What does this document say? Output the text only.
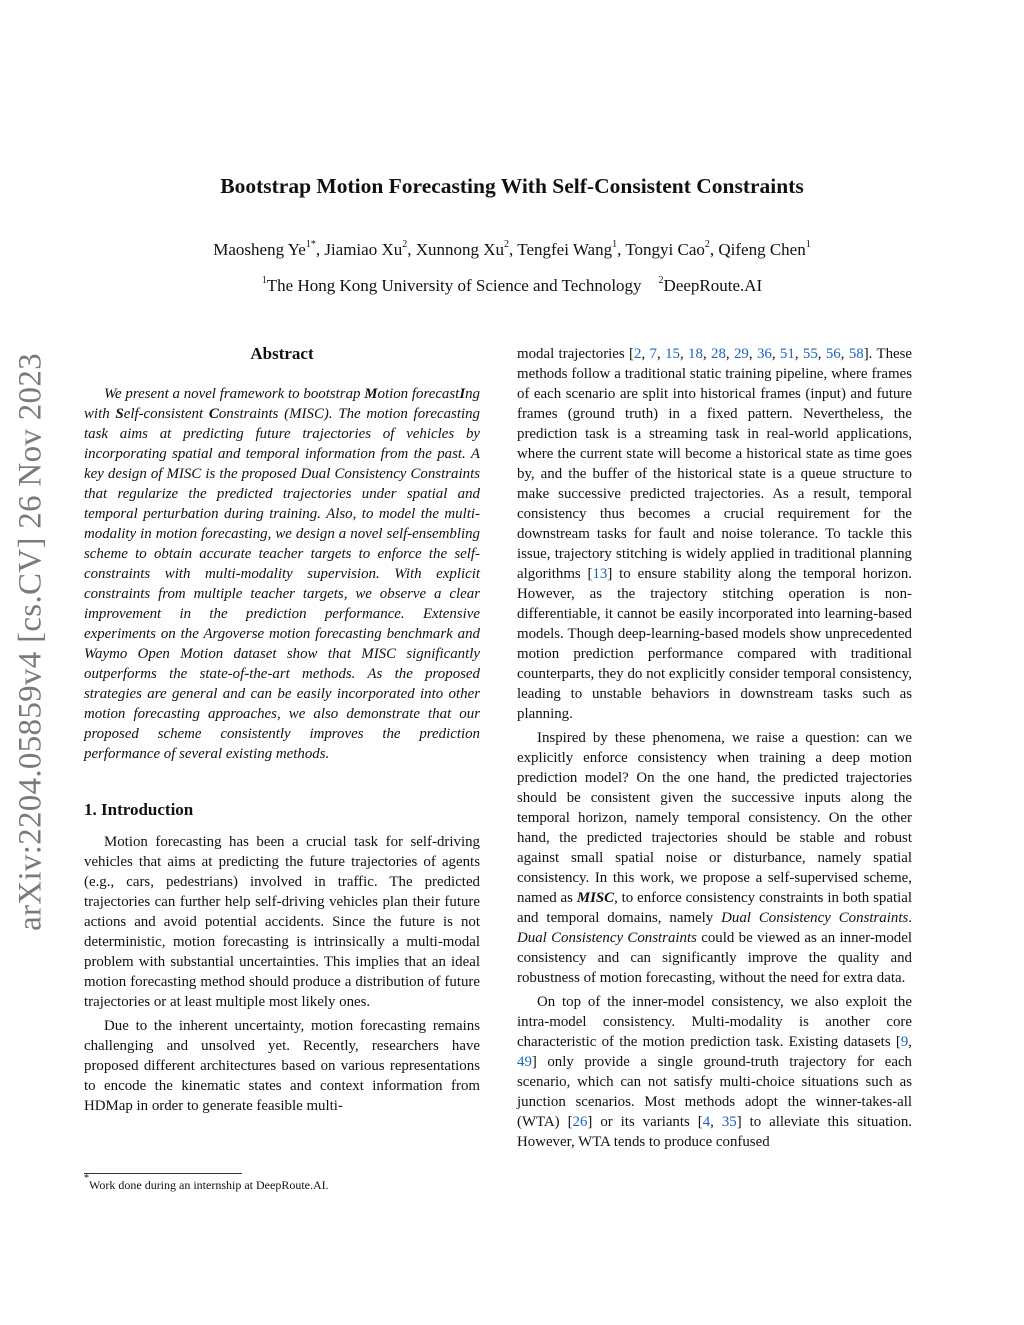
arXiv:2204.05859v4 [cs.CV] 26 Nov 2023
Bootstrap Motion Forecasting With Self-Consistent Constraints
Maosheng $Ye^{1*}$, Jiamiao Xu$^2$, Xunnong Xu$^2$, Tengfei Wang$^1$, Tongyi Cao$^2$, Qifeng Chen$^1$
$^1$The Hong Kong University of Science and Technology $^2$DeepRoute.AI
Abstract

We present a novel framework to bootstrap Motion forecastIng with Self-consistent Constraints (MISC). The motion forecasting task aims at predicting future trajectories of vehicles by incorporating spatial and temporal information from the past. A key design of MISC is the proposed Dual Consistency Constraints that regularize the predicted trajectories under spatial and temporal perturbation during training. Also, to model the multi-modality in motion forecasting, we design a novel self-ensembling scheme to obtain accurate teacher targets to enforce the self-constraints with multi-modality supervision. With explicit constraints from multiple teacher targets, we observe a clear improvement in the prediction performance. Extensive experiments on the Argoverse motion forecasting benchmark and Waymo Open Motion dataset show that MISC significantly outperforms the state-of-the-art methods. As the proposed strategies are general and can be easily incorporated into other motion forecasting approaches, we also demonstrate that our proposed scheme consistently improves the prediction performance of several existing methods.

1. Introduction

Motion forecasting has been a crucial task for self-driving vehicles that aims at predicting the future trajectories of agents (e.g., cars, pedestrians) involved in traffic. The predicted trajectories can further help self-driving vehicles plan their future actions and avoid potential accidents. Since the future is not deterministic, motion forecasting is intrinsically a multi-modal problem with substantial uncertainties. This implies that an ideal motion forecasting method should produce a distribution of future trajectories or at least multiple most likely ones.

Due to the inherent uncertainty, motion forecasting remains challenging and unsolved yet. Recently, researchers have proposed different architectures based on various representations to encode the kinematic states and context information from HDMap in order to generate feasible multi-

modal trajectories [2, 7, 15, 18, 28, 29, 36, 51, 55, 56, 58]. These methods follow a traditional static training pipeline, where frames of each scenario are split into historical frames (input) and future frames (ground truth) in a fixed pattern. Nevertheless, the prediction task is a streaming task in real-world applications, where the current state will become a historical state as time goes by, and the buffer of the historical state is a queue structure to make successive predicted trajectories. As a result, temporal consistency thus becomes a crucial requirement for the downstream tasks for fault and noise tolerance. To tackle this issue, trajectory stitching is widely applied in traditional planning algorithms [13] to ensure stability along the temporal horizon. However, as the trajectory stitching operation is non-differentiable, it cannot be easily incorporated into learning-based models. Though deep-learning-based models show unprecedented motion prediction performance compared with traditional counterparts, they do not explicitly consider temporal consistency, leading to unstable behaviors in downstream tasks such as planning.

Inspired by these phenomena, we raise a question: can we explicitly enforce consistency when training a deep motion prediction model? On the one hand, the predicted trajectories should be consistent given the successive inputs along the temporal horizon, namely temporal consistency. On the other hand, the predicted trajectories should be stable and robust against small spatial noise or disturbance, namely spatial consistency. In this work, we propose a self-supervised scheme, named as MISC, to enforce consistency constraints in both spatial and temporal domains, namely Dual Consistency Constraints. Dual Consistency Constraints could be viewed as an inner-model consistency and can significantly improve the quality and robustness of motion forecasting, without the need for extra data.

On top of the inner-model consistency, we also exploit the intra-model consistency. Multi-modality is another core characteristic of the motion prediction task. Existing datasets [9, 49] only provide a single ground-truth trajectory for each scenario, which can not satisfy multi-choice situations such as junction scenarios. Most methods adopt the winner-takes-all (WTA) [26] or its variants [4, 35] to alleviate this situation. However, WTA tends to produce confused

*Work done during an internship at DeepRoute.AI.
